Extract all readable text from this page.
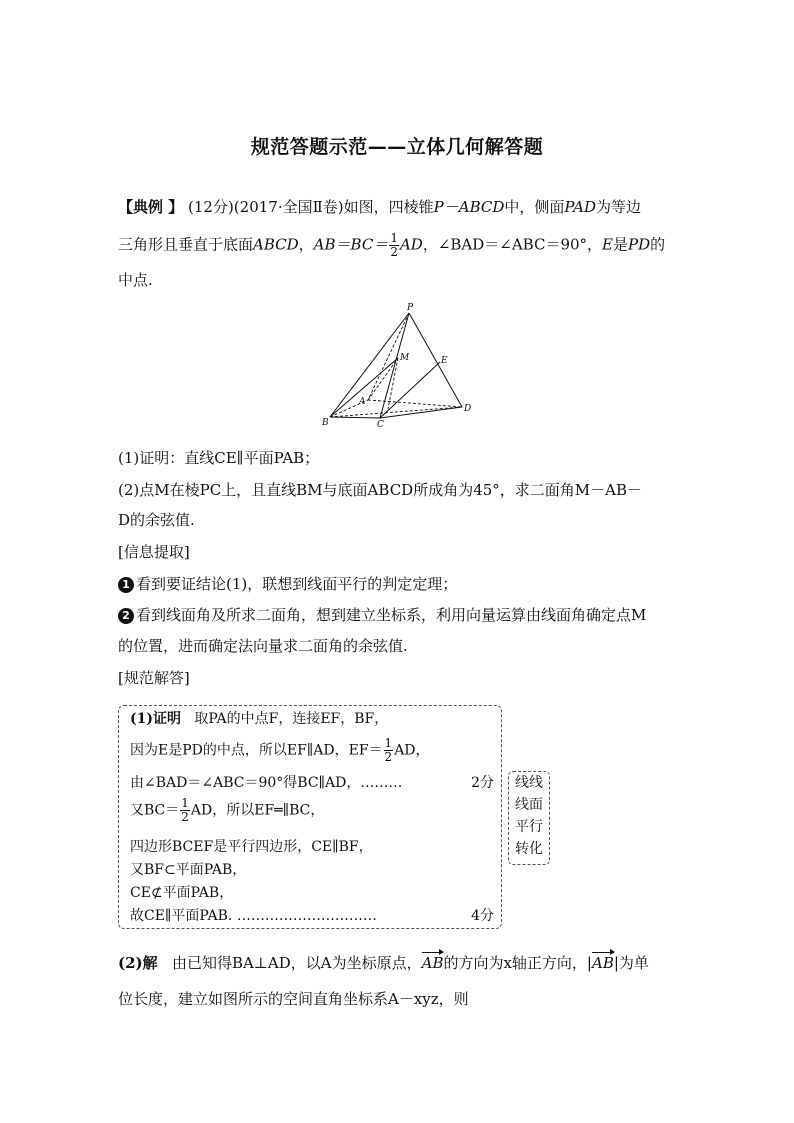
规范答题示范——立体几何解答题
【典例 】 (12分)(2017·全国Ⅱ卷)如图，四棱锥P－ABCD中，侧面PAD为等边
三角形且垂直于底面ABCD，$AB=BC= \frac{1}{2}$ AD，∠BAD＝∠ABC＝90°，E是PD的
中点.
P
M	E
A
B	C
D
(1)证明：直线CE∥平面PAB；
(2)点M在棱PC上，且直线BM与底面ABCD所成角为45°，求二面角M－AB－
D的余弦值.
[信息提取]
1 看到要证结论(1)，联想到线面平行的判定定理；
2 看到线面角及所求二面角，想到建立坐标系，利用向量运算由线面角确定点M
的位置，进而确定法向量求二面角的余弦值.
[规范解答]
(1)证明 取PA的中点F，连接EF，BF，
因为E是PD的中点，所以EF∥AD，$EF= \frac{1}{2}$ AD，
由∠BAD＝∠ABC＝90°得BC∥AD，………	2分
又$BC= \frac{1}{2}$ AD，所以EF═∥BC，
四边形BCEF是平行四边形，CE∥BF，
又BF⊂平面PAB，
CE⊄平面PAB，
故CE∥平面PAB. …………………………	4分
线线
线面
平行
转化
(2)解 由已知得BA⊥AD，以A为坐标原点，AB的方向为x轴正方向，|AB|为单
位长度，建立如图所示的空间直角坐标系A－xyz，则
